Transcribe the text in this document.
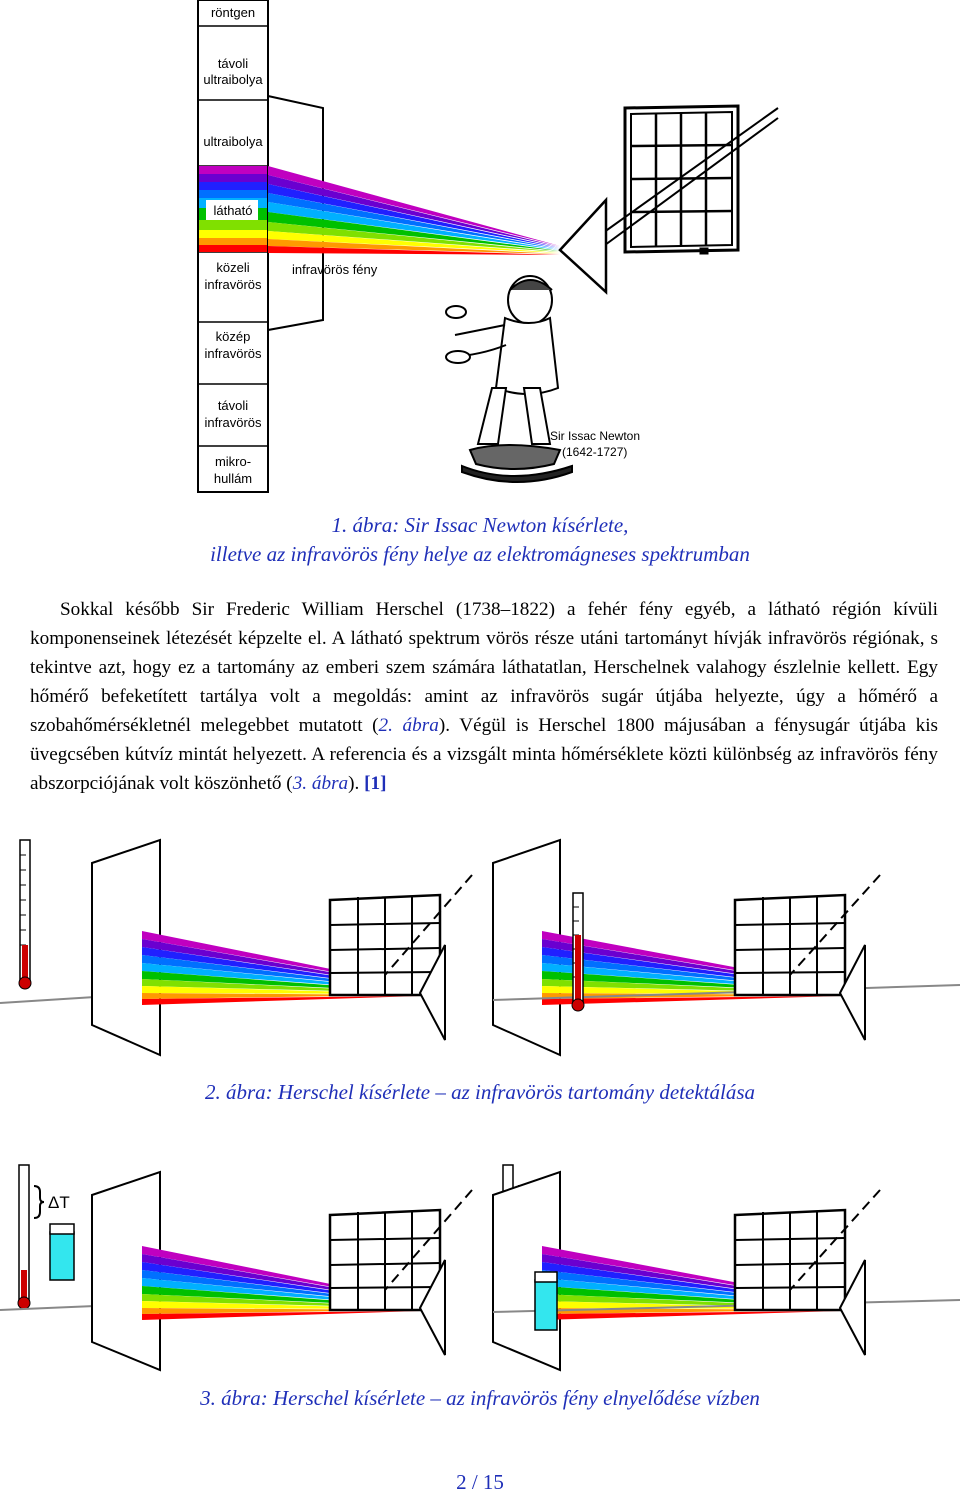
röntgen
távoli
ultraibolya
ultraibolya
látható
közeli
infravörös
közép
infravörös
távoli
infravörös
mikro-
hullám
infravörös fény
Sir Issac Newton
(1642-1727)
1. ábra: Sir Issac Newton kísérlete,
illetve az infravörös fény helye az elektromágneses spektrumban

Sokkal később Sir Frederic William Herschel (1738–1822) a fehér fény egyéb, a látható régión kívüli komponenseinek létezését képzelte el. A látható spektrum vörös része utáni tartományt hívják infravörös régiónak, s tekintve azt, hogy ez a tartomány az emberi szem számára láthatatlan, Herschelnek valahogy észlelnie kellett. Egy hőmérő befeketített tartálya volt a megoldás: amint az infravörös sugár útjába helyezte, úgy a hőmérő a szobahőmérsékletnél melegebbet mutatott (2. ábra). Végül is Herschel 1800 májusában a fénysugár útjába kis üvegcsében kútvíz mintát helyezett. A referencia és a vizsgált minta hőmérséklete közti különbség az infravörös fény abszorpciójának volt köszönhető (3. ábra). [1]

2. ábra: Herschel kísérlete – az infravörös tartomány detektálása
ΔT
3. ábra: Herschel kísérlete – az infravörös fény elnyelődése vízben
2 / 15
